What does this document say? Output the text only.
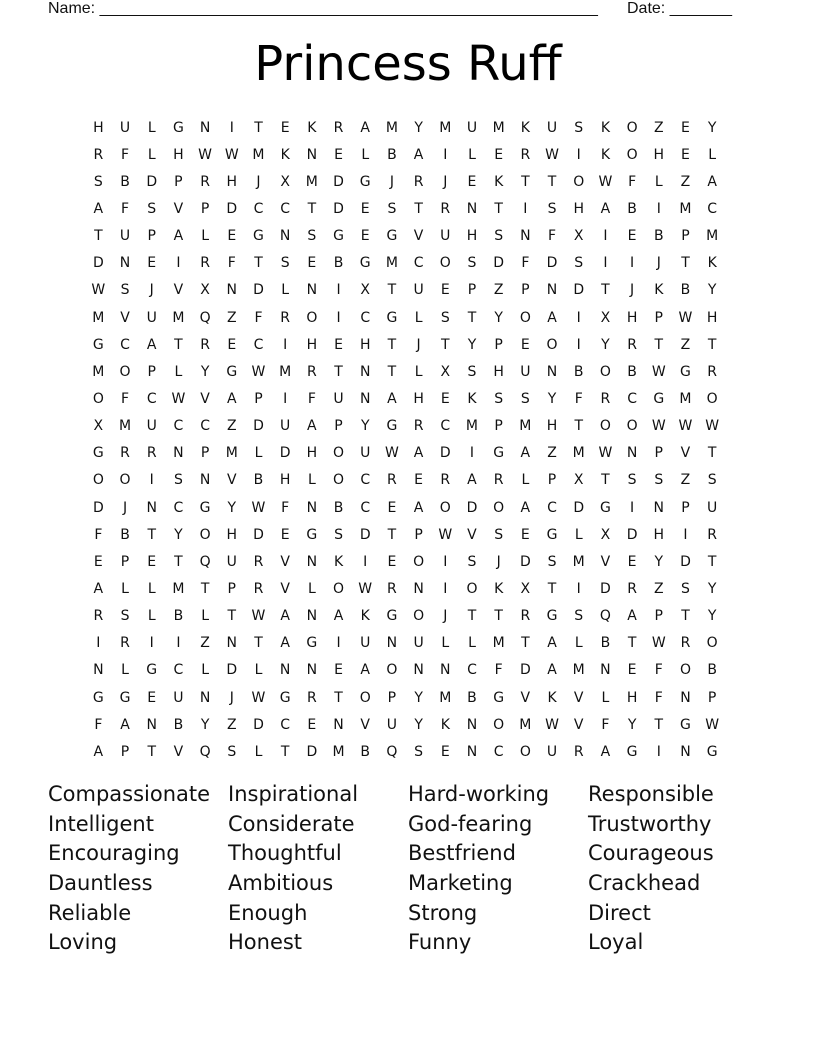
Name: ________________________________________________________ Date: _______
Princess Ruff
H	U	L	G	N	I	T	E	K	R	A	M	Y	M	U	M	K	U	S	K	O	Z	E	Y
R	F	L	H	W W M	K	N	E	L	B	A	I	L	E	R	W	I	K	O	H	E	L
S	B	D	P	R	H	J	X	M	D	G	J	R	J	E	K	T	T	O	W	F	L	Z	A
A	F	S	V	P	D	C	C	T	D	E	S	T	R	N	T	I	S	H	A	B	I	M	C
T	U	P	A	L	E	G	N	S	G	E	G	V	U	H	S	N	F	X	I	E	B	P	M
D	N	E	I	R	F	T	S	E	B	G	M	C	O	S	D	F	D	S	I	I	J	T	K
W	S	J	V	X	N	D	L	N	I	X	T	U	E	P	Z	P	N	D	T	J	K	B	Y
M	V	U	M	Q	Z	F	R	O	I	C	G	L	S	T	Y	O	A	I	X	H	P	W	H
G	C	A	T	R	E	C	I	H	E	H	T	J	T	Y	P	E	O	I	Y	R	T	Z	T
M	O	P	L	Y	G	W M	R	T	N	T	L	X	S	H	U	N	B	O	B	W	G	R
O	F	C	W	V	A	P	I	F	U	N	A	H	E	K	S	S	Y	F	R	C	G	M	O
X	M	U	C	C	Z	D	U	A	P	Y	G	R	C	M	P	M	H	T	O	O	W W W
G	R	R	N	P	M	L	D	H	O	U	W	A	D	I	G	A	Z	M W	N	P	V	T
O	O	I	S	N	V	B	H	L	O	C	R	E	R	A	R	L	P	X	T	S	S	Z	S
D	J	N	C	G	Y	W	F	N	B	C	E	A	O	D	O	A	C	D	G	I	N	P	U
F	B	T	Y	O	H	D	E	G	S	D	T	P	W	V	S	E	G	L	X	D	H	I	R
E	P	E	T	Q	U	R	V	N	K	I	E	O	I	S	J	D	S	M	V	E	Y	D	T
A	L	L	M	T	P	R	V	L	O	W	R	N	I	O	K	X	T	I	D	R	Z	S	Y
R	S	L	B	L	T	W	A	N	A	K	G	O	J	T	T	R	G	S	Q	A	P	T	Y
I	R	I	I	Z	N	T	A	G	I	U	N	U	L	L	M	T	A	L	B	T	W	R	O
N	L	G	C	L	D	L	N	N	E	A	O	N	N	C	F	D	A	M	N	E	F	O	B
G	G	E	U	N	J	W	G	R	T	O	P	Y	M	B	G	V	K	V	L	H	F	N	P
F	A	N	B	Y	Z	D	C	E	N	V	U	Y	K	N	O	M W	V	F	Y	T	G	W
A	P	T	V	Q	S	L	T	D	M	B	Q	S	E	N	C	O	U	R	A	G	I	N	G
Compassionate Inspirational	Hard-working	Responsible
Intelligent	Considerate	God-fearing	Trustworthy
Encouraging	Thoughtful	Bestfriend	Courageous
Dauntless	Ambitious	Marketing	Crackhead
Reliable	Enough	Strong	Direct
Loving	Honest	Funny	Loyal
